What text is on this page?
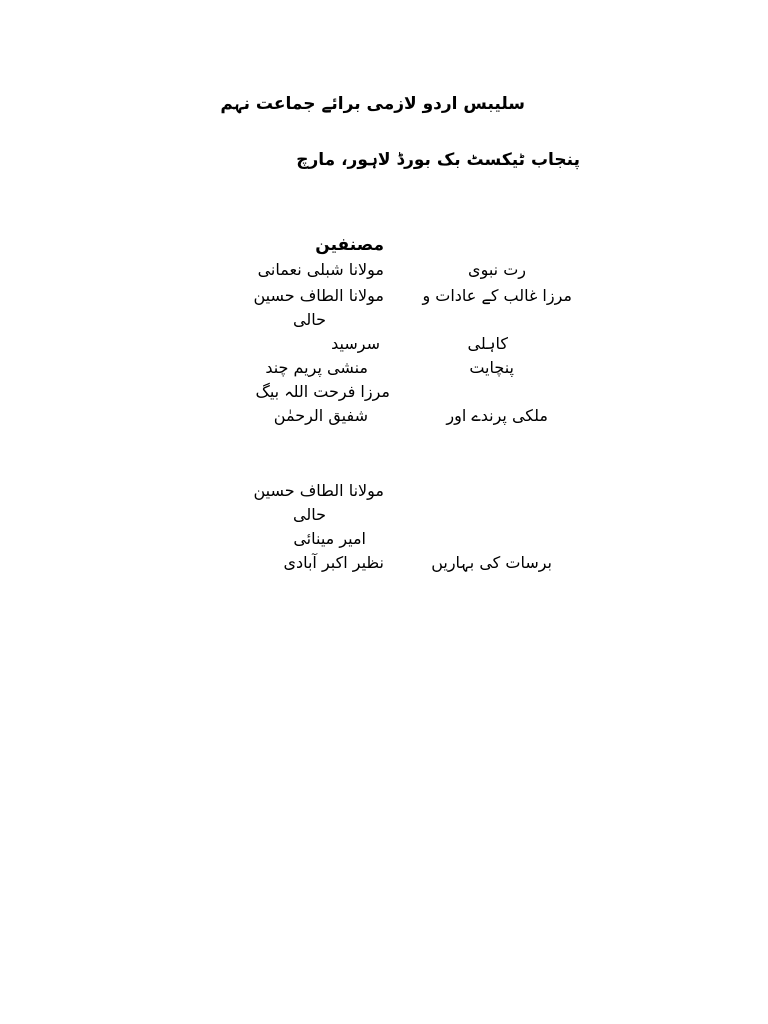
سلیبس اردو لازمی برائے جماعت نہم
پنجاب ٹیکسٹ بک بورڈ لاہور، مارچ
مصنفین
رت نبوی
مولانا شبلی نعمانی
مرزا غالب کے عادات و
مولانا الطاف حسین
حالی
کاہلی
سرسید
پنچایت
منشی پریم چند
مرزا فرحت اللہ بیگ
ملکی پرندے اور
شفیق الرحمٰن
مولانا الطاف حسین
حالی
امیر مینائی
برسات کی بہاریں
نظیر اکبر آبادی
